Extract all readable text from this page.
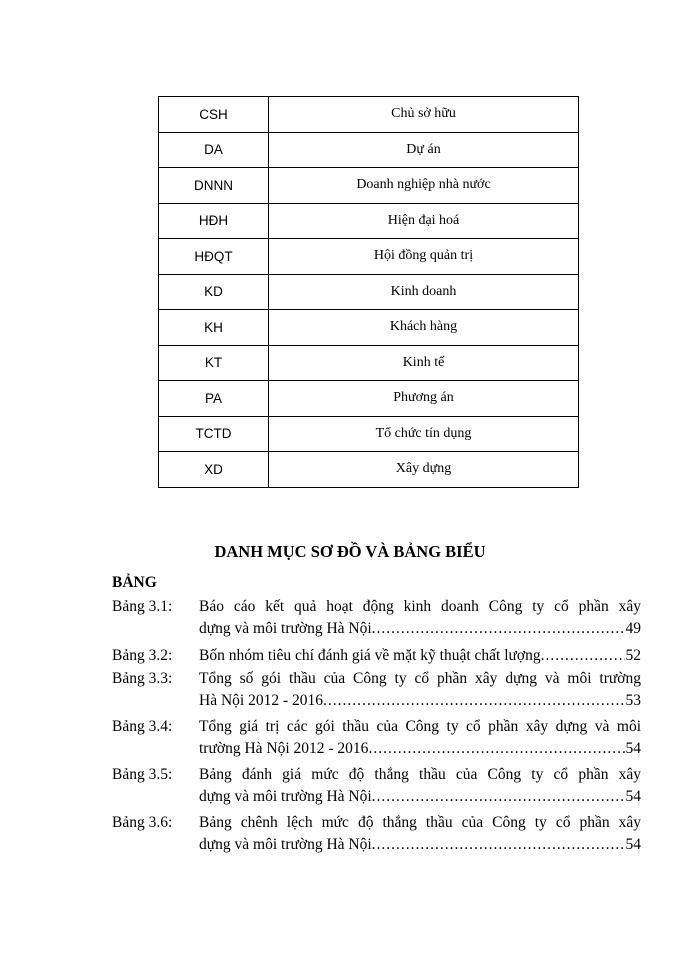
CSH	Chủ sở hữu
DA	Dự án
DNNN	Doanh nghiệp nhà nước
HĐH	Hiện đại hoá
HĐQT	Hội đồng quản trị
KD	Kinh doanh
KH	Khách hàng
KT	Kinh tế
PA	Phương án
TCTD	Tổ chức tín dụng
XD	Xây dựng
DANH MỤC SƠ ĐỒ VÀ BẢNG BIỂU
BẢNG
Bảng 3.1:	Báo cáo kết quả hoạt động kinh doanh Công ty cổ phần xây
dựng và môi trường Hà Nội .....	49
Bảng 3.2:	Bốn nhóm tiêu chí đánh giá về mặt kỹ thuật chất lượng .....	52
Bảng 3.3:	Tổng số gói thầu của Công ty cổ phần xây dựng và môi trường
Hà Nội 2012 - 2016 .....	53
Bảng 3.4:	Tổng giá trị các gói thầu của Công ty cổ phần xây dựng và môi
trường Hà Nội 2012 - 2016 .....	54
Bảng 3.5:	Bảng đánh giá mức độ thắng thầu của Công ty cổ phần xây
dựng và môi trường Hà Nội .....	54
Bảng 3.6:	Bảng chênh lệch mức độ thắng thầu của Công ty cổ phần xây
dựng và môi trường Hà Nội .....	54
